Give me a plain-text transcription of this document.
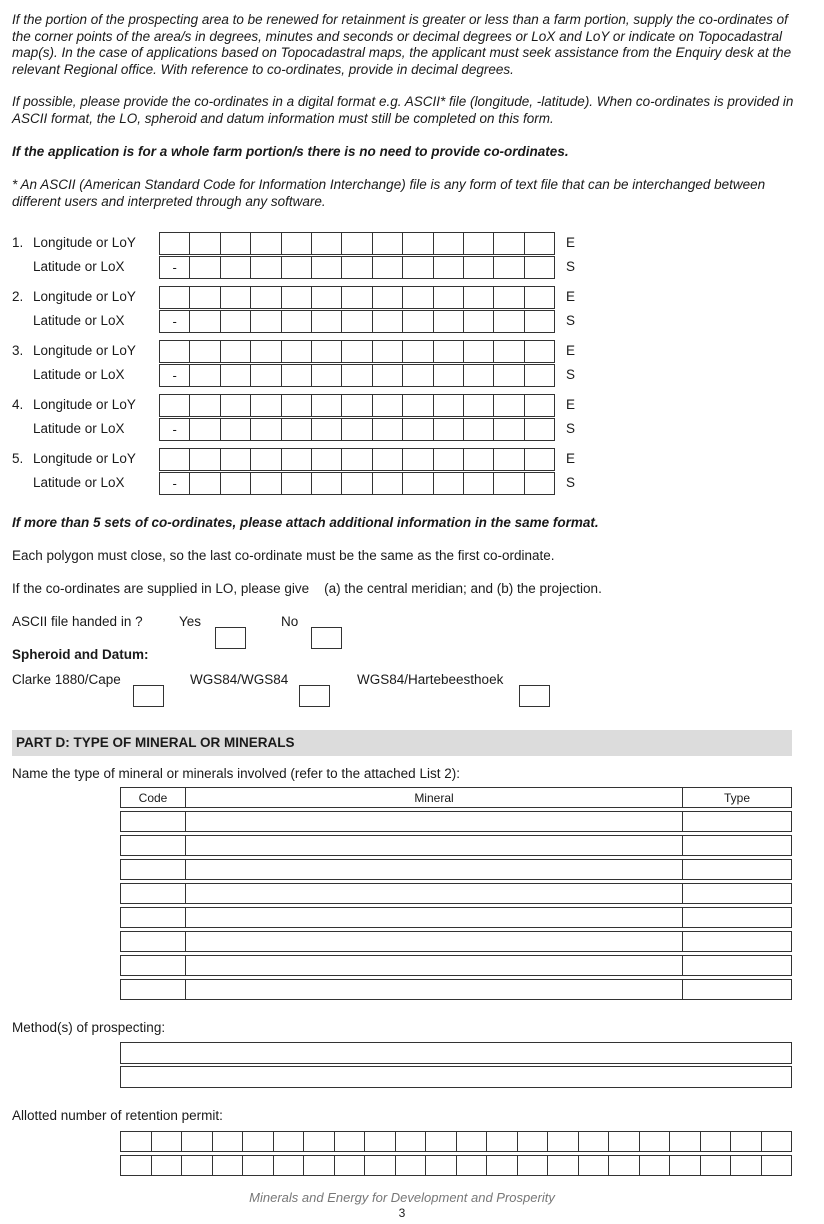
If the portion of the prospecting area to be renewed for retainment is greater or less than a farm portion, supply the co-ordinates of the corner points of the area/s in degrees, minutes and seconds or decimal degrees or LoX and LoY or indicate on Topocadastral map(s). In the case of applications based on Topocadastral maps, the applicant must seek assistance from the Enquiry desk at the relevant Regional office. With reference to co-ordinates, provide in decimal degrees.
If possible, please provide the co-ordinates in a digital format e.g. ASCII* file (longitude, -latitude). When co-ordinates is provided in ASCII format, the LO, spheroid and datum information must still be completed on this form.
If the application is for a whole farm portion/s there is no need to provide co-ordinates.
* An ASCII (American Standard Code for Information Interchange) file is any form of text file that can be interchanged between different users and interpreted through any software.
1. Longitude or LoY	E
Latitude or LoX	-	S
2. Longitude or LoY	E
Latitude or LoX	-	S
3. Longitude or LoY	E
Latitude or LoX	-	S
4. Longitude or LoY	E
Latitude or LoX	-	S
5. Longitude or LoY	E
Latitude or LoX	-	S
If more than 5 sets of co-ordinates, please attach additional information in the same format.
Each polygon must close, so the last co-ordinate must be the same as the first co-ordinate.
If the co-ordinates are supplied in LO, please give    (a) the central meridian; and (b) the projection.
ASCII file handed in ?	Yes	No
Spheroid and Datum:
Clarke 1880/Cape	WGS84/WGS84	WGS84/Hartebeesthoek
PART D: TYPE OF MINERAL OR MINERALS
Name the type of mineral or minerals involved (refer to the attached List 2):
Code	Mineral	Type

Method(s) of prospecting:
Allotted number of retention permit:
Minerals and Energy for Development and Prosperity
3
